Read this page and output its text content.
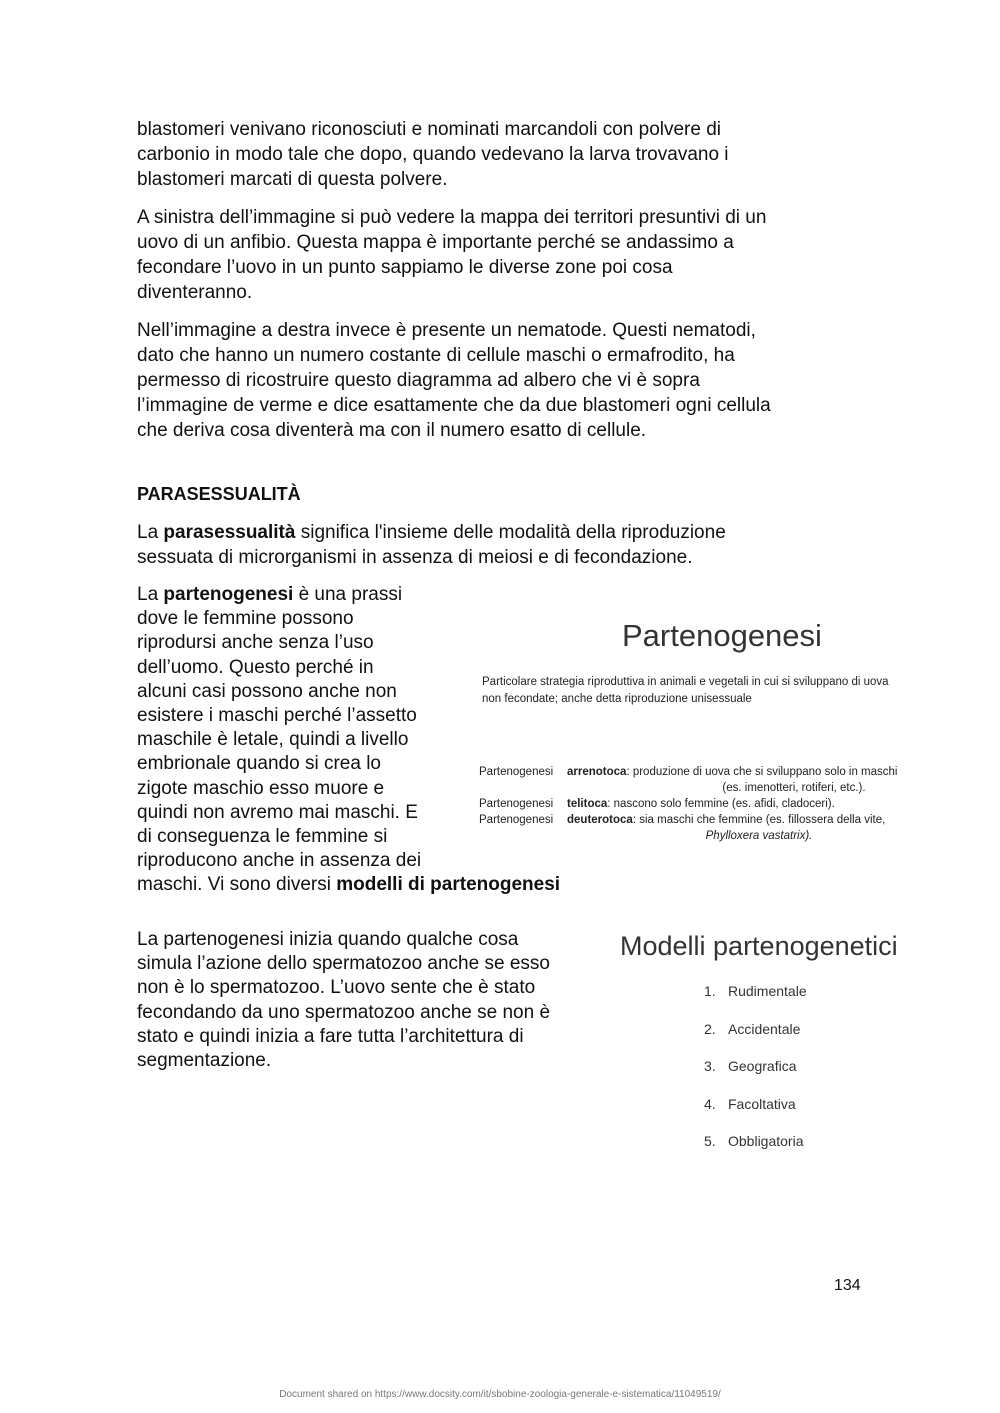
blastomeri venivano riconosciuti e nominati marcandoli con polvere di
carbonio in modo tale che dopo, quando vedevano la larva trovavano i
blastomeri marcati di questa polvere.

A sinistra dell’immagine si può vedere la mappa dei territori presuntivi di un
uovo di un anfibio. Questa mappa è importante perché se andassimo a
fecondare l’uovo in un punto sappiamo le diverse zone poi cosa
diventeranno.

Nell’immagine a destra invece è presente un nematode. Questi nematodi,
dato che hanno un numero costante di cellule maschi o ermafrodito, ha
permesso di ricostruire questo diagramma ad albero che vi è sopra
l’immagine de verme e dice esattamente che da due blastomeri ogni cellula
che deriva cosa diventerà ma con il numero esatto di cellule.

PARASESSUALITÀ

La parasessualità significa l'insieme delle modalità della riproduzione
sessuata di microrganismi in assenza di meiosi e di fecondazione.

La partenogenesi è una prassi
dove le femmine possono
riprodursi anche senza l’uso
dell’uomo. Questo perché in
alcuni casi possono anche non
esistere i maschi perché l’assetto
maschile è letale, quindi a livello
embrionale quando si crea lo
zigote maschio esso muore e
quindi non avremo mai maschi. E
di conseguenza le femmine si
riproducono anche in assenza dei
maschi. Vi sono diversi modelli di partenogenesi

Partenogenesi
Particolare strategia riproduttiva in animali e vegetali in cui si sviluppano di uova
non fecondate; anche detta riproduzione unisessuale
Partenogenesi arrenotoca: produzione di uova che si sviluppano solo in maschi
(es. imenotteri, rotiferi, etc.).
Partenogenesi telitoca: nascono solo femmine (es. afidi, cladoceri).
Partenogenesi deuterotoca: sia maschi che femmine (es. fillossera della vite,
Phylloxera vastatrix).

La partenogenesi inizia quando qualche cosa
simula l’azione dello spermatozoo anche se esso
non è lo spermatozoo. L’uovo sente che è stato
fecondando da uno spermatozoo anche se non è
stato e quindi inizia a fare tutta l’architettura di
segmentazione.

Modelli partenogenetici
1. Rudimentale
2. Accidentale
3. Geografica
4. Facoltativa
5. Obbligatoria
134
Document shared on https://www.docsity.com/it/sbobine-zoologia-generale-e-sistematica/11049519/
